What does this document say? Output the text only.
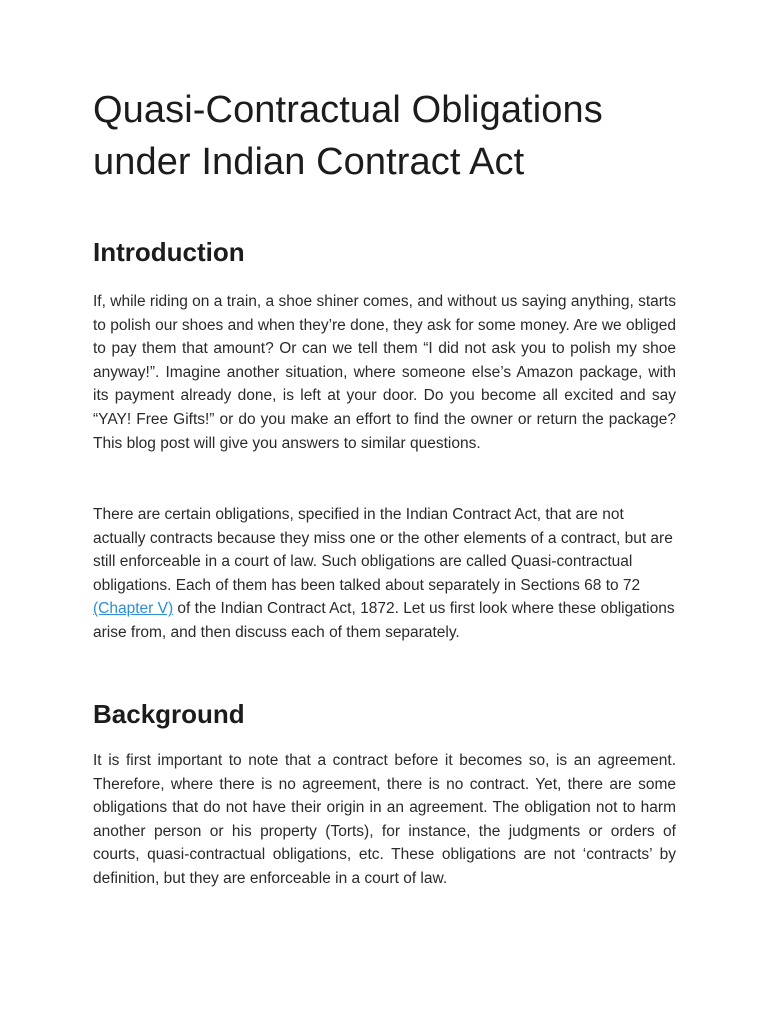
Quasi-Contractual Obligations under Indian Contract Act
Introduction

If, while riding on a train, a shoe shiner comes, and without us saying anything, starts to polish our shoes and when they’re done, they ask for some money. Are we obliged to pay them that amount? Or can we tell them “I did not ask you to polish my shoe anyway!”. Imagine another situation, where someone else’s Amazon package, with its payment already done, is left at your door. Do you become all excited and say “YAY! Free Gifts!” or do you make an effort to find the owner or return the package? This blog post will give you answers to similar questions.

There are certain obligations, specified in the Indian Contract Act, that are not actually contracts because they miss one or the other elements of a contract, but are still enforceable in a court of law. Such obligations are called Quasi-contractual obligations. Each of them has been talked about separately in Sections 68 to 72 (Chapter V) of the Indian Contract Act, 1872. Let us first look where these obligations arise from, and then discuss each of them separately.

Background

It is first important to note that a contract before it becomes so, is an agreement. Therefore, where there is no agreement, there is no contract. Yet, there are some obligations that do not have their origin in an agreement. The obligation not to harm another person or his property (Torts), for instance, the judgments or orders of courts, quasi-contractual obligations, etc. These obligations are not ‘contracts’ by definition, but they are enforceable in a court of law.
